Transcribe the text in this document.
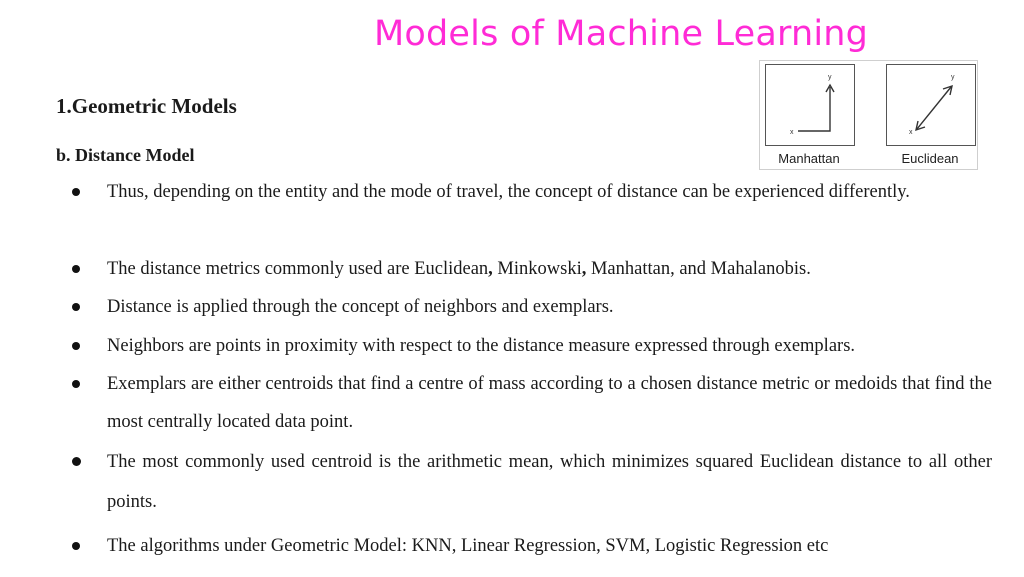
Models of Machine Learning
1.Geometric Models
b. Distance Model
x
y
x
y
Manhattan	Euclidean
Thus, depending on the entity and the mode of travel, the concept of distance can be experienced differently.
The distance metrics commonly used are Euclidean, Minkowski, Manhattan, and Mahalanobis.
Distance is applied through the concept of neighbors and exemplars.
Neighbors are points in proximity with respect to the distance measure expressed through exemplars.
Exemplars are either centroids that find a centre of mass according to a chosen distance metric or medoids that find the most centrally located data point.
The most commonly used centroid is the arithmetic mean, which minimizes squared Euclidean distance to all other points.
The algorithms under Geometric Model: KNN, Linear Regression, SVM, Logistic Regression etc
